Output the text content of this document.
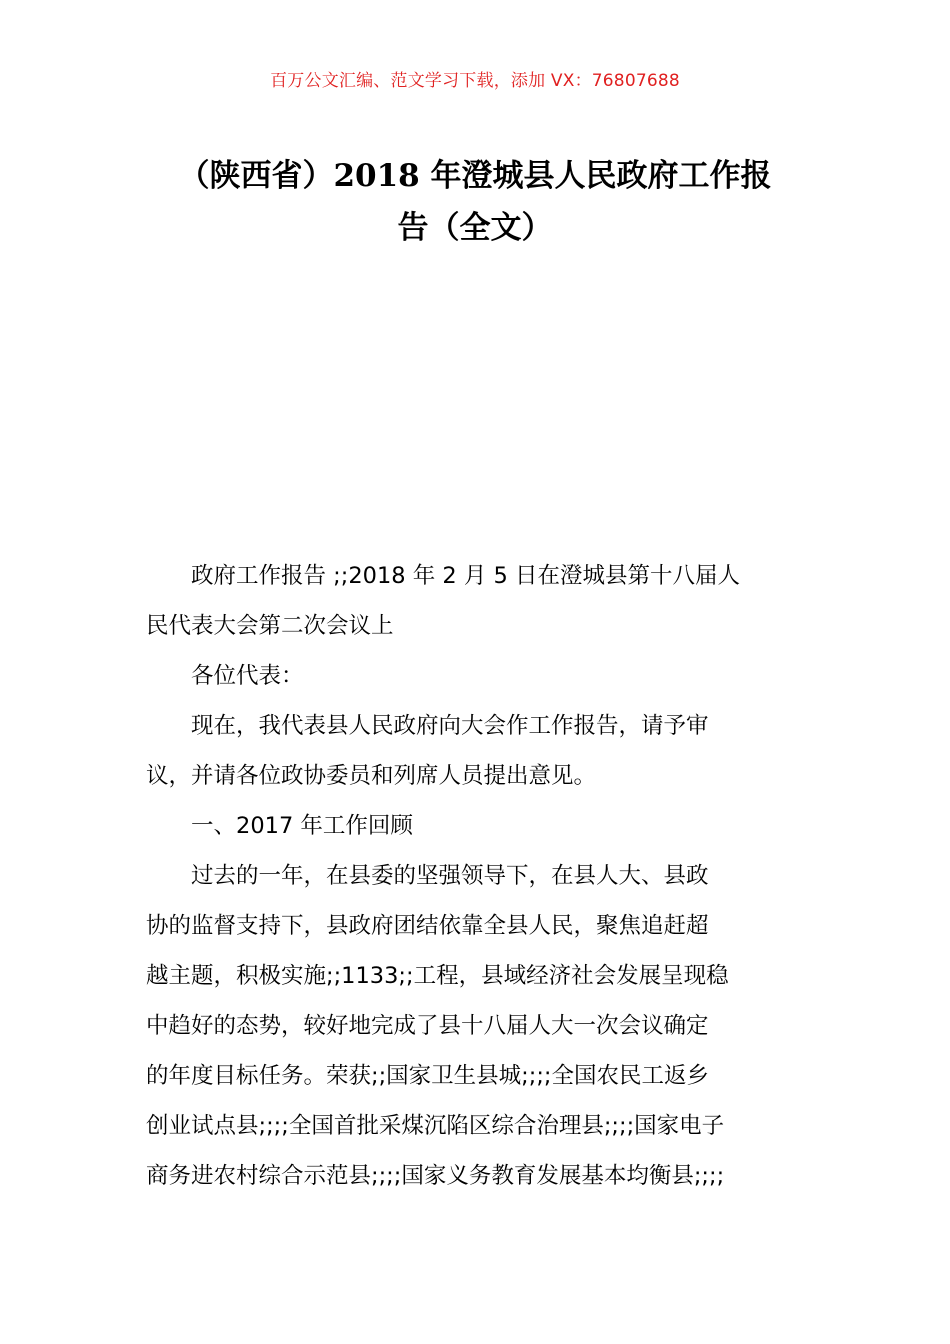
百万公文汇编、范文学习下载，添加 VX：76807688
（陕西省）2018 年澄城县人民政府工作报
告（全文）

政府工作报告 ;;2018 年 2 月 5 日在澄城县第十八届人
民代表大会第二次会议上

各位代表：

现在，我代表县人民政府向大会作工作报告，请予审
议，并请各位政协委员和列席人员提出意见。

一、2017 年工作回顾

过去的一年，在县委的坚强领导下，在县人大、县政
协的监督支持下，县政府团结依靠全县人民，聚焦追赶超
越主题，积极实施;;1133;;工程，县域经济社会发展呈现稳
中趋好的态势，较好地完成了县十八届人大一次会议确定
的年度目标任务。荣获;;国家卫生县城;;;;全国农民工返乡
创业试点县;;;;全国首批采煤沉陷区综合治理县;;;;国家电子
商务进农村综合示范县;;;;国家义务教育发展基本均衡县;;;;
